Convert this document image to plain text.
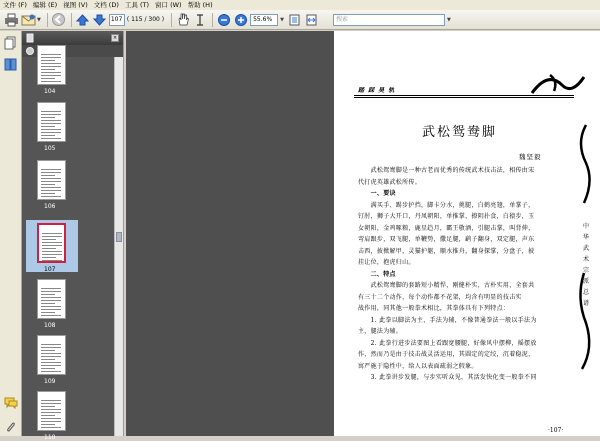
文件 (F) 编辑 (E) 视图 (V) 文档 (D) 工具 (T) 窗口 (W) 帮助 (H)
▼	107 ( 115 / 300 )	55.6%	▼	搜索	▼
×
104
105
106
107
108
109
110
踏 踩 昊 轨
武松鸳鸯脚
魏坚毅

　　武松鸳鸯脚是一种古老而优秀的传统武术技击法，相传由宋

代打虎英雄武松所传。

　　一、要诀

　　满买手、踢步护挡，脚卡分水，挑腿，白鹤亮翅，单掌子，

钉肘，狮子大开口，丹凤朝阳，单推掌，撩阴扑食，白猿步，玉

女朝阳，金鸡啄粮，鹿星趋月，霸王敬酒，引腿击掌，叫背伸，

弯肩跟步，双飞腿，单鞭势，撒足腿，鹞子翻身，双定腿，声东

击西，披掀解甲，灵猫护躯，顺水推舟，翻身探掌，分盘子，披

挂让位，抱虎归山。

　　二、特点

　　武松鸳鸯脚的套路短小精悍，刚健朴实，古朴实用，全套共

有三十二个动作，每个动作都不花架，均含有明显的技击实

战作用，同其他一般拳术相比，其拳体具有下列特点：

　　1. 此拳以脚法为主，手法为辅，不像普通拳法一般以手法为

主，腿法为辅。

　　2. 此拳行进步法要图上看跟宽腰腿，好像风中摆柳，摇摆放

作，然而乃是由于技击战灵活运用，其圆定的定绞，沉着稳泥，

寓严施于隐性中，给人以表面疏弱之假象。

　　3. 此拳讲步发腿，与步实听众见，其活发快化变一般拳不同

中华武术宗派总谱
·107·
